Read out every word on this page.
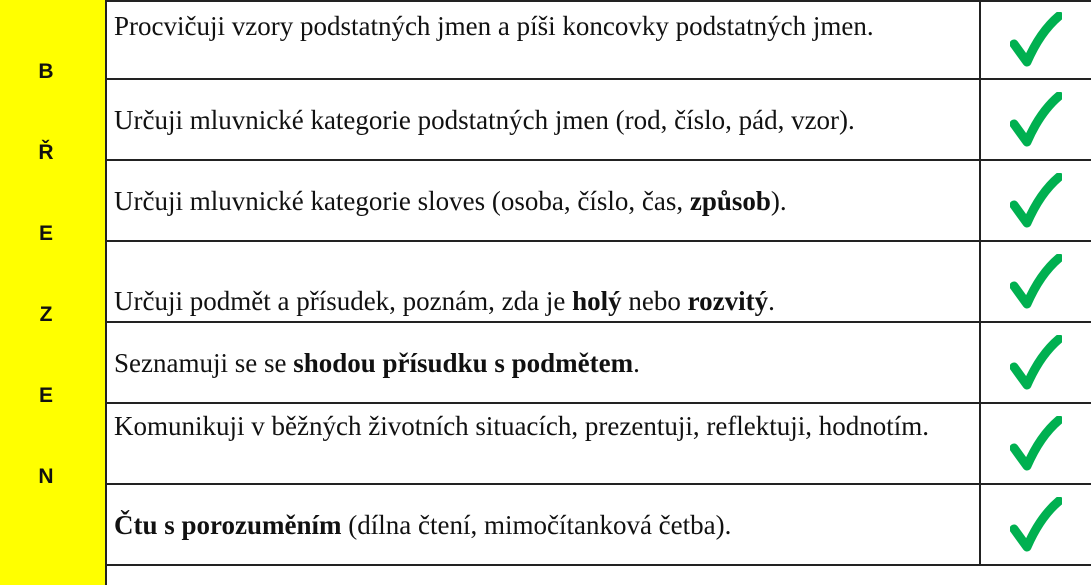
B
Ř
E
Z
E
N
Procvičuji vzory podstatných jmen a píši koncovky podstatných jmen.
Určuji mluvnické kategorie podstatných jmen (rod, číslo, pád, vzor).
Určuji mluvnické kategorie sloves (osoba, číslo, čas, způsob).
Určuji podmět a přísudek, poznám, zda je holý nebo rozvitý.
Seznamuji se se shodou přísudku s podmětem.
Komunikuji v běžných životních situacích, prezentuji, reflektuji, hodnotím.
Čtu s porozuměním (dílna čtení, mimočítanková četba).
